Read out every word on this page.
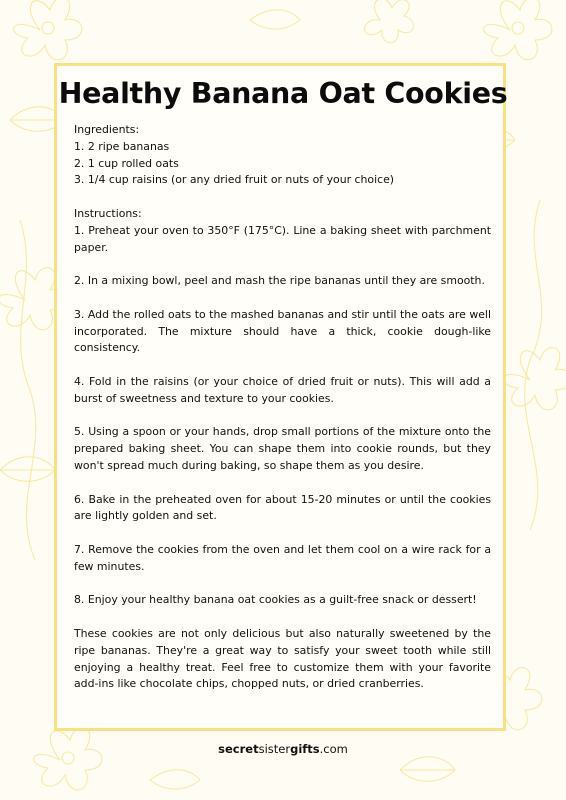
Healthy Banana Oat Cookies
Ingredients:
1. 2 ripe bananas
2. 1 cup rolled oats
3. 1/4 cup raisins (or any dried fruit or nuts of your choice)
Instructions:
1. Preheat your oven to 350°F (175°C). Line a baking sheet with parchment paper.

2. In a mixing bowl, peel and mash the ripe bananas until they are smooth.

3. Add the rolled oats to the mashed bananas and stir until the oats are well incorporated. The mixture should have a thick, cookie dough-like consistency.

4. Fold in the raisins (or your choice of dried fruit or nuts). This will add a burst of sweetness and texture to your cookies.

5. Using a spoon or your hands, drop small portions of the mixture onto the prepared baking sheet. You can shape them into cookie rounds, but they won't spread much during baking, so shape them as you desire.

6. Bake in the preheated oven for about 15-20 minutes or until the cookies are lightly golden and set.

7. Remove the cookies from the oven and let them cool on a wire rack for a few minutes.

8. Enjoy your healthy banana oat cookies as a guilt-free snack or dessert!

These cookies are not only delicious but also naturally sweetened by the ripe bananas. They're a great way to satisfy your sweet tooth while still enjoying a healthy treat. Feel free to customize them with your favorite add-ins like chocolate chips, chopped nuts, or dried cranberries.

secretsistergifts.com
